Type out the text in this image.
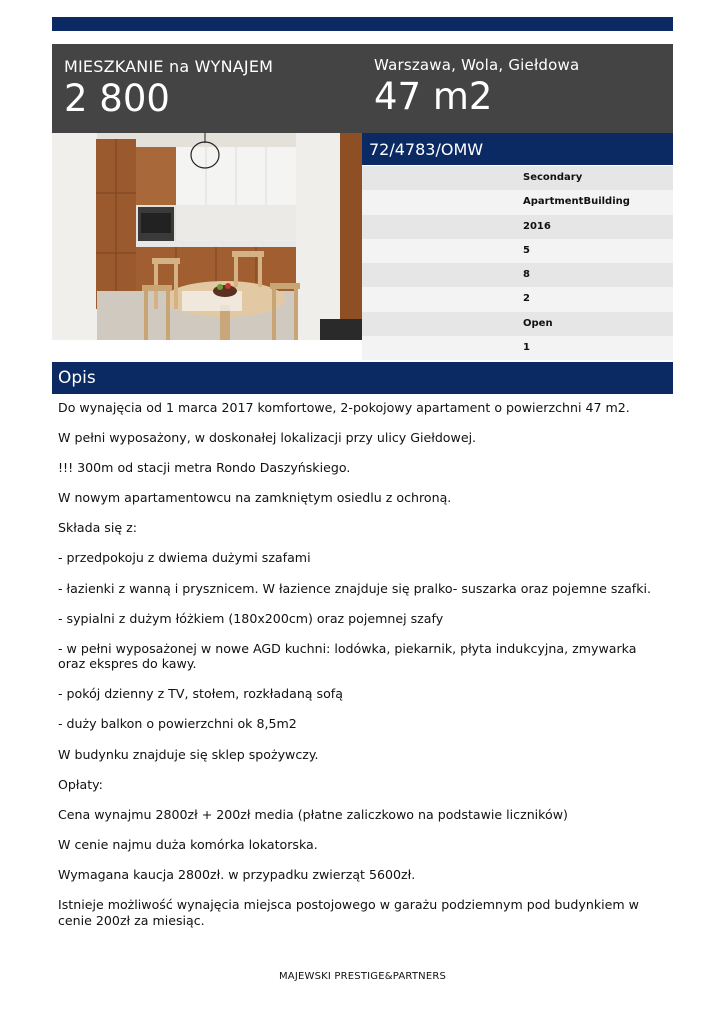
MIESZKANIE na WYNAJEM
2 800
Warszawa, Wola, Giełdowa
47 m2
72/4783/OMW
Secondary
ApartmentBuilding
2016
5
8
2
Open
1
Opis

Do wynajęcia od 1 marca 2017 komfortowe, 2-pokojowy apartament o powierzchni 47 m2.

W pełni wyposażony, w doskonałej lokalizacji przy ulicy Giełdowej.

!!! 300m od stacji metra Rondo Daszyńskiego.

W nowym apartamentowcu na zamkniętym osiedlu z ochroną.

Składa się z:

- przedpokoju z dwiema dużymi szafami

- łazienki z wanną i prysznicem. W łazience znajduje się pralko- suszarka oraz pojemne szafki.

- sypialni z dużym łóżkiem (180x200cm) oraz pojemnej szafy

- w pełni wyposażonej w nowe AGD kuchni: lodówka, piekarnik, płyta indukcyjna, zmywarka oraz ekspres do kawy.

- pokój dzienny z TV, stołem, rozkładaną sofą

- duży balkon o powierzchni ok 8,5m2

W budynku znajduje się sklep spożywczy.

Opłaty:

Cena wynajmu 2800zł + 200zł media (płatne zaliczkowo na podstawie liczników)

W cenie najmu duża komórka lokatorska.

Wymagana kaucja 2800zł. w przypadku zwierząt 5600zł.

Istnieje możliwość wynajęcia miejsca postojowego w garażu podziemnym pod budynkiem w cenie 200zł za miesiąc.

MAJEWSKI PRESTIGE&PARTNERS
